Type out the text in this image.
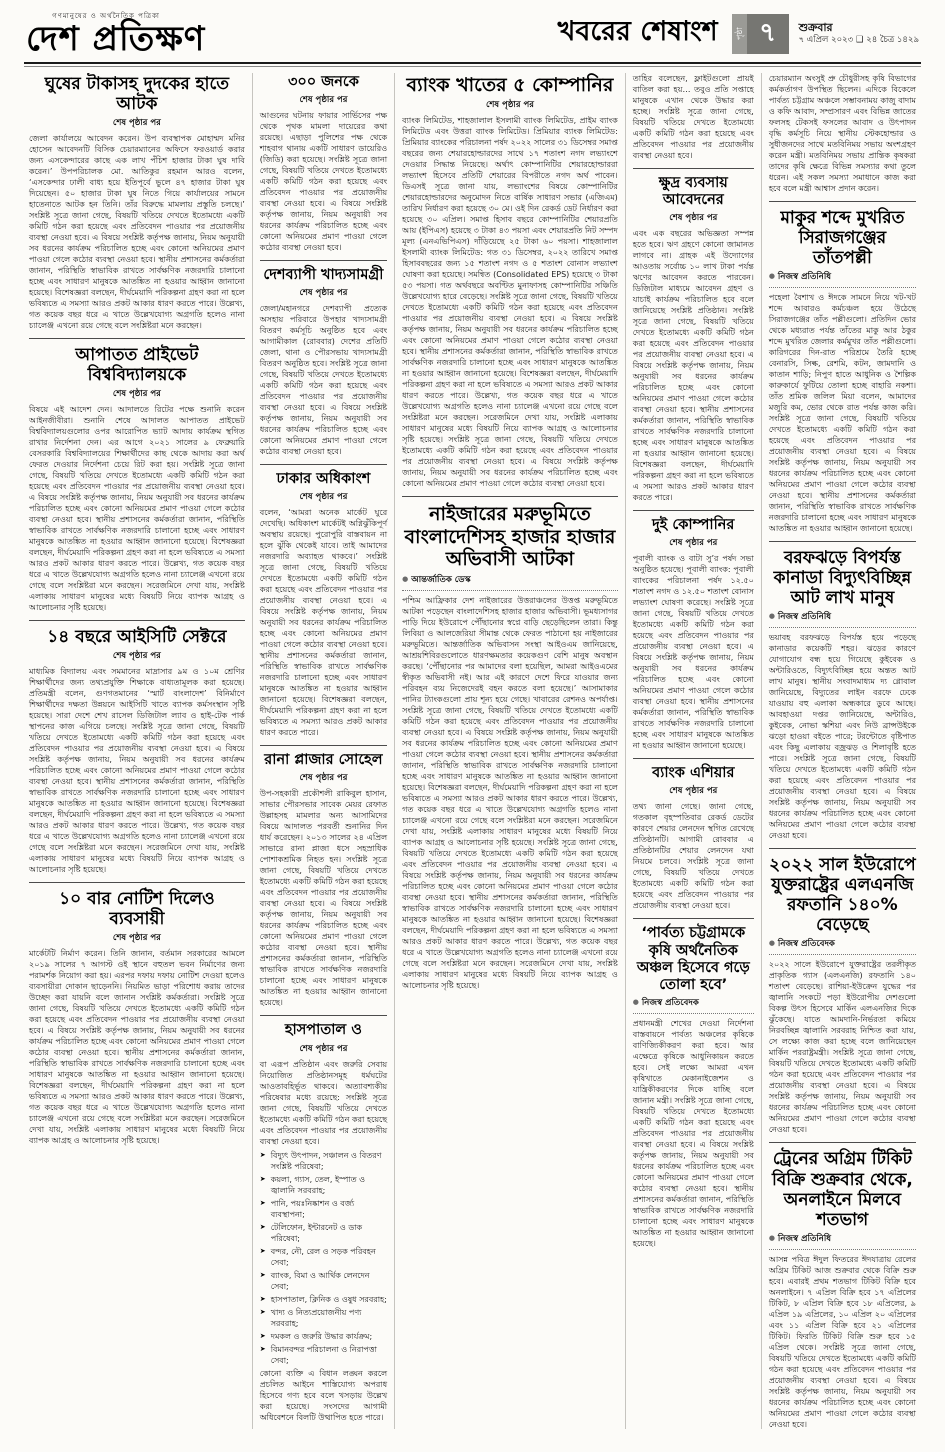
গণমানুষের ও অর্থনৈতিক পত্রিকা
দেশ প্রতিক্ষণ	খবরের শেষাংশ	পৃষ্ঠা ৭	শুক্রবার
৭ এপ্রিল ২০২৩ ❑ ২৪ চৈত্র ১৪২৯
ঘুষের টাকাসহ দুদকের হাতে আটক
শেষ পৃষ্ঠার পর

জেলা কার্যালয়ে আবেদন করেন। উপ ব্যবস্থাপক মোহাম্মদ মনির হোসেন আবেদনটি বিসিক চেয়ারম্যানের অফিসে ফরওয়ার্ড করার জন্য এসকেন্দারের কাছে এক লাখ পঁচিশ হাজার টাকা ঘুষ দাবি করেন।’ উপপরিচালক মো. আতিকুর রহমান আরও বলেন, ‘এসকেন্দার ঢালী বাধ্য হয়ে ইতিপূর্বে ভুলে ৪৭ হাজার টাকা ঘুষ দিয়েছেন। ৫০ হাজার টাকা ঘুষ নিতে গিয়ে কার্যালয়ের সামনে হাতেনাতে আটক হন তিনি। তাঁর বিরুদ্ধে মামলায় প্রস্তুতি চলছে।’ সংশ্লিষ্ট সূত্রে জানা গেছে, বিষয়টি খতিয়ে দেখতে ইতোমধ্যে একটি কমিটি গঠন করা হয়েছে এবং প্রতিবেদন পাওয়ার পর প্রয়োজনীয় ব্যবস্থা নেওয়া হবে। এ বিষয়ে সংশ্লিষ্ট কর্তৃপক্ষ জানায়, নিয়ম অনুযায়ী সব ধরনের কার্যক্রম পরিচালিত হচ্ছে এবং কোনো অনিয়মের প্রমাণ পাওয়া গেলে কঠোর ব্যবস্থা নেওয়া হবে। স্থানীয় প্রশাসনের কর্মকর্তারা জানান, পরিস্থিতি স্বাভাবিক রাখতে সার্বক্ষণিক নজরদারি চালানো হচ্ছে এবং সাধারণ মানুষকে আতঙ্কিত না হওয়ার আহ্বান জানানো হয়েছে। বিশেষজ্ঞরা বলছেন, দীর্ঘমেয়াদি পরিকল্পনা গ্রহণ করা না হলে ভবিষ্যতে এ সমস্যা আরও প্রকট আকার ধারণ করতে পারে। উল্লেখ্য, গত কয়েক বছর ধরে এ খাতে উল্লেখযোগ্য অগ্রগতি হলেও নানা চ্যালেঞ্জ এখনো রয়ে গেছে বলে সংশ্লিষ্টরা মনে করছেন।

আপাতত প্রাইভেট বিশ্ববিদ্যালয়কে
শেষ পৃষ্ঠার পর

বিষয়ে এই আদেশ দেন। আদালতে রিটের পক্ষে শুনানি করেন আইনজীবীরা। শুনানি শেষে আদালত আপাতত প্রাইভেট বিশ্ববিদ্যালয়গুলোর ওপর আরোপিত ভ্যাট আদায় কার্যক্রম স্থগিত রাখার নির্দেশনা দেন। এর আগে ২০২১ সালের ৯ ফেব্রুয়ারি বেসরকারি বিশ্ববিদ্যালয়ের শিক্ষার্থীদের কাছ থেকে আদায় করা অর্থ ফেরত দেওয়ার নির্দেশনা চেয়ে রিট করা হয়। সংশ্লিষ্ট সূত্রে জানা গেছে, বিষয়টি খতিয়ে দেখতে ইতোমধ্যে একটি কমিটি গঠন করা হয়েছে এবং প্রতিবেদন পাওয়ার পর প্রয়োজনীয় ব্যবস্থা নেওয়া হবে। এ বিষয়ে সংশ্লিষ্ট কর্তৃপক্ষ জানায়, নিয়ম অনুযায়ী সব ধরনের কার্যক্রম পরিচালিত হচ্ছে এবং কোনো অনিয়মের প্রমাণ পাওয়া গেলে কঠোর ব্যবস্থা নেওয়া হবে। স্থানীয় প্রশাসনের কর্মকর্তারা জানান, পরিস্থিতি স্বাভাবিক রাখতে সার্বক্ষণিক নজরদারি চালানো হচ্ছে এবং সাধারণ মানুষকে আতঙ্কিত না হওয়ার আহ্বান জানানো হয়েছে। বিশেষজ্ঞরা বলছেন, দীর্ঘমেয়াদি পরিকল্পনা গ্রহণ করা না হলে ভবিষ্যতে এ সমস্যা আরও প্রকট আকার ধারণ করতে পারে। উল্লেখ্য, গত কয়েক বছর ধরে এ খাতে উল্লেখযোগ্য অগ্রগতি হলেও নানা চ্যালেঞ্জ এখনো রয়ে গেছে বলে সংশ্লিষ্টরা মনে করছেন। সরেজমিনে দেখা যায়, সংশ্লিষ্ট এলাকায় সাধারণ মানুষের মধ্যে বিষয়টি নিয়ে ব্যাপক আগ্রহ ও আলোচনার সৃষ্টি হয়েছে।

১৪ বছরে আইসিটি সেক্টরে
শেষ পৃষ্ঠার পর

মাধ্যমিক বিদ্যালয় এবং সমমানের মাদ্রাসার ৯ম ও ১০ম শ্রেণির শিক্ষার্থীদের জন্য তথ্যপ্রযুক্তি শিক্ষাকে বাধ্যতামূলক করা হয়েছে। প্রতিমন্ত্রী বলেন, গুণগতমানের ‘স্মার্ট বাংলাদেশ’ বিনির্মাণে শিক্ষার্থীদের দক্ষতা উন্নয়নে আইসিটি খাতে ব্যাপক কর্মসংস্থান সৃষ্টি হয়েছে। সারা দেশে শেখ রাসেল ডিজিটাল ল্যাব ও হাই-টেক পার্ক স্থাপনের কাজ এগিয়ে চলছে। সংশ্লিষ্ট সূত্রে জানা গেছে, বিষয়টি খতিয়ে দেখতে ইতোমধ্যে একটি কমিটি গঠন করা হয়েছে এবং প্রতিবেদন পাওয়ার পর প্রয়োজনীয় ব্যবস্থা নেওয়া হবে। এ বিষয়ে সংশ্লিষ্ট কর্তৃপক্ষ জানায়, নিয়ম অনুযায়ী সব ধরনের কার্যক্রম পরিচালিত হচ্ছে এবং কোনো অনিয়মের প্রমাণ পাওয়া গেলে কঠোর ব্যবস্থা নেওয়া হবে। স্থানীয় প্রশাসনের কর্মকর্তারা জানান, পরিস্থিতি স্বাভাবিক রাখতে সার্বক্ষণিক নজরদারি চালানো হচ্ছে এবং সাধারণ মানুষকে আতঙ্কিত না হওয়ার আহ্বান জানানো হয়েছে। বিশেষজ্ঞরা বলছেন, দীর্ঘমেয়াদি পরিকল্পনা গ্রহণ করা না হলে ভবিষ্যতে এ সমস্যা আরও প্রকট আকার ধারণ করতে পারে। উল্লেখ্য, গত কয়েক বছর ধরে এ খাতে উল্লেখযোগ্য অগ্রগতি হলেও নানা চ্যালেঞ্জ এখনো রয়ে গেছে বলে সংশ্লিষ্টরা মনে করছেন। সরেজমিনে দেখা যায়, সংশ্লিষ্ট এলাকায় সাধারণ মানুষের মধ্যে বিষয়টি নিয়ে ব্যাপক আগ্রহ ও আলোচনার সৃষ্টি হয়েছে।

১০ বার নোটিশ দিলেও ব্যবসায়ী
শেষ পৃষ্ঠার পর

মার্কেটটি নির্মাণ করেন। তিনি জানান, বর্তমান সরকারের আমলে ২০১৯ সালের ৭ আগস্ট ওই স্থানে বহুতল ভবন নির্মাণের জন্য পরামর্শক নিয়োগ করা হয়। এরপর দফায় দফায় নোটিশ দেওয়া হলেও ব্যবসায়ীরা দোকান ছাড়েননি। নিয়মিত ভাড়া পরিশোধ করায় তাদের উচ্ছেদ করা যায়নি বলে জানান সংশ্লিষ্ট কর্মকর্তারা। সংশ্লিষ্ট সূত্রে জানা গেছে, বিষয়টি খতিয়ে দেখতে ইতোমধ্যে একটি কমিটি গঠন করা হয়েছে এবং প্রতিবেদন পাওয়ার পর প্রয়োজনীয় ব্যবস্থা নেওয়া হবে। এ বিষয়ে সংশ্লিষ্ট কর্তৃপক্ষ জানায়, নিয়ম অনুযায়ী সব ধরনের কার্যক্রম পরিচালিত হচ্ছে এবং কোনো অনিয়মের প্রমাণ পাওয়া গেলে কঠোর ব্যবস্থা নেওয়া হবে। স্থানীয় প্রশাসনের কর্মকর্তারা জানান, পরিস্থিতি স্বাভাবিক রাখতে সার্বক্ষণিক নজরদারি চালানো হচ্ছে এবং সাধারণ মানুষকে আতঙ্কিত না হওয়ার আহ্বান জানানো হয়েছে। বিশেষজ্ঞরা বলছেন, দীর্ঘমেয়াদি পরিকল্পনা গ্রহণ করা না হলে ভবিষ্যতে এ সমস্যা আরও প্রকট আকার ধারণ করতে পারে। উল্লেখ্য, গত কয়েক বছর ধরে এ খাতে উল্লেখযোগ্য অগ্রগতি হলেও নানা চ্যালেঞ্জ এখনো রয়ে গেছে বলে সংশ্লিষ্টরা মনে করছেন। সরেজমিনে দেখা যায়, সংশ্লিষ্ট এলাকায় সাধারণ মানুষের মধ্যে বিষয়টি নিয়ে ব্যাপক আগ্রহ ও আলোচনার সৃষ্টি হয়েছে।

৩০০ জনকে
শেষ পৃষ্ঠার পর

আগুনের ঘটনায় ফায়ার সার্ভিসের পক্ষ থেকে পৃথক মামলা দায়েরের কথা রয়েছে। এছাড়া পুলিশের পক্ষ থেকে শাহবাগ থানায় একটি সাধারণ ডায়েরিও (জিডি) করা হয়েছে। সংশ্লিষ্ট সূত্রে জানা গেছে, বিষয়টি খতিয়ে দেখতে ইতোমধ্যে একটি কমিটি গঠন করা হয়েছে এবং প্রতিবেদন পাওয়ার পর প্রয়োজনীয় ব্যবস্থা নেওয়া হবে। এ বিষয়ে সংশ্লিষ্ট কর্তৃপক্ষ জানায়, নিয়ম অনুযায়ী সব ধরনের কার্যক্রম পরিচালিত হচ্ছে এবং কোনো অনিয়মের প্রমাণ পাওয়া গেলে কঠোর ব্যবস্থা নেওয়া হবে।

দেশব্যাপী খাদ্যসামগ্রী
শেষ পৃষ্ঠার পর

জেলা/মহানগরে দেশব্যাপী প্রত্যেক অসহায় পরিবারে উপহার খাদ্যসামগ্রী বিতরণ কর্মসূচি অনুষ্ঠিত হবে এবং আগামীকাল (রোববার) দেশের প্রতিটি জেলা, থানা ও পৌরসভায় খাদ্যসামগ্রী বিতরণ অনুষ্ঠিত হবে। সংশ্লিষ্ট সূত্রে জানা গেছে, বিষয়টি খতিয়ে দেখতে ইতোমধ্যে একটি কমিটি গঠন করা হয়েছে এবং প্রতিবেদন পাওয়ার পর প্রয়োজনীয় ব্যবস্থা নেওয়া হবে। এ বিষয়ে সংশ্লিষ্ট কর্তৃপক্ষ জানায়, নিয়ম অনুযায়ী সব ধরনের কার্যক্রম পরিচালিত হচ্ছে এবং কোনো অনিয়মের প্রমাণ পাওয়া গেলে কঠোর ব্যবস্থা নেওয়া হবে।

ঢাকার অধিকাংশ
শেষ পৃষ্ঠার পর

বলেন, ‘আমরা অনেক মার্কেট ঘুরে দেখেছি। অধিকাংশ মার্কেটই অগ্নিঝুঁকিপূর্ণ অবস্থায় রয়েছে। পুরোপুরি বাস্তবায়ন না হলে ঝুঁকি থেকেই যাবে। তাই আমাদের নজরদারি অব্যাহত থাকবে।’ সংশ্লিষ্ট সূত্রে জানা গেছে, বিষয়টি খতিয়ে দেখতে ইতোমধ্যে একটি কমিটি গঠন করা হয়েছে এবং প্রতিবেদন পাওয়ার পর প্রয়োজনীয় ব্যবস্থা নেওয়া হবে। এ বিষয়ে সংশ্লিষ্ট কর্তৃপক্ষ জানায়, নিয়ম অনুযায়ী সব ধরনের কার্যক্রম পরিচালিত হচ্ছে এবং কোনো অনিয়মের প্রমাণ পাওয়া গেলে কঠোর ব্যবস্থা নেওয়া হবে। স্থানীয় প্রশাসনের কর্মকর্তারা জানান, পরিস্থিতি স্বাভাবিক রাখতে সার্বক্ষণিক নজরদারি চালানো হচ্ছে এবং সাধারণ মানুষকে আতঙ্কিত না হওয়ার আহ্বান জানানো হয়েছে। বিশেষজ্ঞরা বলছেন, দীর্ঘমেয়াদি পরিকল্পনা গ্রহণ করা না হলে ভবিষ্যতে এ সমস্যা আরও প্রকট আকার ধারণ করতে পারে।

রানা প্লাজার সোহেল
শেষ পৃষ্ঠার পর

উপ-সহকারী প্রকৌশলী রাকিবুল হাসান, সাভার পৌরসভার সাবেক মেয়র রেফাত উল্লাহসহ মামলার অন্য আসামিদের বিষয়ে আদালত পরবর্তী শুনানির দিন ধার্য করেছেন। ২০১৩ সালের ২৪ এপ্রিল সাভারে রানা প্লাজা ধসে সহস্রাধিক পোশাকশ্রমিক নিহত হন। সংশ্লিষ্ট সূত্রে জানা গেছে, বিষয়টি খতিয়ে দেখতে ইতোমধ্যে একটি কমিটি গঠন করা হয়েছে এবং প্রতিবেদন পাওয়ার পর প্রয়োজনীয় ব্যবস্থা নেওয়া হবে। এ বিষয়ে সংশ্লিষ্ট কর্তৃপক্ষ জানায়, নিয়ম অনুযায়ী সব ধরনের কার্যক্রম পরিচালিত হচ্ছে এবং কোনো অনিয়মের প্রমাণ পাওয়া গেলে কঠোর ব্যবস্থা নেওয়া হবে। স্থানীয় প্রশাসনের কর্মকর্তারা জানান, পরিস্থিতি স্বাভাবিক রাখতে সার্বক্ষণিক নজরদারি চালানো হচ্ছে এবং সাধারণ মানুষকে আতঙ্কিত না হওয়ার আহ্বান জানানো হয়েছে।

হাসপাতাল ও
শেষ পৃষ্ঠার পর

বা এরূপ প্রতিষ্ঠান এবং জরুরি সেবায় নিয়োজিত প্রতিষ্ঠানসমূহ ধর্মঘটের আওতাবহির্ভূত থাকবে। অত্যাবশ্যকীয় পরিষেবার মধ্যে রয়েছে: সংশ্লিষ্ট সূত্রে জানা গেছে, বিষয়টি খতিয়ে দেখতে ইতোমধ্যে একটি কমিটি গঠন করা হয়েছে এবং প্রতিবেদন পাওয়ার পর প্রয়োজনীয় ব্যবস্থা নেওয়া হবে।

➤ বিদ্যুৎ উৎপাদন, সঞ্চালন ও বিতরণ সংশ্লিষ্ট পরিষেবা;
➤ কয়লা, গ্যাস, তেল, ইস্পাত ও জ্বালানি সরবরাহ;
➤ পানি, পয়ঃনিষ্কাশন ও বর্জ্য ব্যবস্থাপনা;
➤ টেলিফোন, ইন্টারনেট ও ডাক পরিষেবা;
➤ বন্দর, নৌ, রেল ও সড়ক পরিবহন সেবা;
➤ ব্যাংক, বিমা ও আর্থিক লেনদেন সেবা;
➤ হাসপাতাল, ক্লিনিক ও ওষুধ সরবরাহ;
➤ খাদ্য ও নিত্যপ্রয়োজনীয় পণ্য সরবরাহ;
➤ দমকল ও জরুরি উদ্ধার কার্যক্রম;
➤ বিমানবন্দর পরিচালনা ও নিরাপত্তা সেবা;

কোনো ব্যক্তি এ বিধান লঙ্ঘন করলে প্রচলিত আইনে শাস্তিযোগ্য অপরাধ হিসেবে গণ্য হবে বলে খসড়ায় উল্লেখ করা হয়েছে। সংসদের আগামী অধিবেশনে বিলটি উত্থাপিত হতে পারে।

ব্যাংক খাতের ৫ কোম্পানির
শেষ পৃষ্ঠার পর

ব্যাংক লিমিটেড, শাহজালাল ইসলামী ব্যাংক লিমিটেড, প্রাইম ব্যাংক লিমিটেড এবং উত্তরা ব্যাংক লিমিটেড। প্রিমিয়ার ব্যাংক লিমিটেড: প্রিমিয়ার ব্যাংকের পরিচালনা পর্ষদ ২০২২ সালের ৩১ ডিসেম্বর সমাপ্ত বছরের জন্য শেয়ারহোল্ডারদের সাথে ১৭ শতাংশ নগদ লভ্যাংশে দেওয়ার সিদ্ধান্ত নিয়েছে। অর্থাৎ কোম্পানিটির শেয়ারহোল্ডাররা লভ্যাংশ হিসেবে প্রতিটি শেয়ারের বিপরীতে নগদ অর্থ পাবেন। ডিএসই সূত্রে জানা যায়, লভ্যাংশের বিষয়ে কোম্পানিটির শেয়ারহোল্ডারদের অনুমোদন নিতে বার্ষিক সাধারণ সভার (এজিএম) তারিখ নির্ধারণ করা হয়েছে ৩০ মে। ওই দিন রেকর্ড ডেট নির্ধারণ করা হয়েছে ৩০ এপ্রিল। সমাপ্ত হিসাব বছরে কোম্পানিটির শেয়ারপ্রতি আয় (ইপিএস) হয়েছে ৩ টাকা ৪৩ পয়সা এবং শেয়ারপ্রতি নিট সম্পদ মূল্য (এনএভিপিএস) দাঁড়িয়েছে ২৫ টাকা ৬০ পয়সা। শাহজালাল ইসলামী ব্যাংক লিমিটেড: গত ৩১ ডিসেম্বর, ২০২২ তারিখে সমাপ্ত হিসাববছরের জন্য ১৫ শতাংশ নগদ ও ৫ শতাংশ বোনাস লভ্যাংশ ঘোষণা করা হয়েছে। সমন্বিত (Consolidated EPS) হয়েছে ৩ টাকা ৫৩ পয়সা। গত অর্থবছরে অবণ্টিত মুনাফাসহ কোম্পানিটির সঞ্চিতি উল্লেখযোগ্য হারে বেড়েছে। সংশ্লিষ্ট সূত্রে জানা গেছে, বিষয়টি খতিয়ে দেখতে ইতোমধ্যে একটি কমিটি গঠন করা হয়েছে এবং প্রতিবেদন পাওয়ার পর প্রয়োজনীয় ব্যবস্থা নেওয়া হবে। এ বিষয়ে সংশ্লিষ্ট কর্তৃপক্ষ জানায়, নিয়ম অনুযায়ী সব ধরনের কার্যক্রম পরিচালিত হচ্ছে এবং কোনো অনিয়মের প্রমাণ পাওয়া গেলে কঠোর ব্যবস্থা নেওয়া হবে। স্থানীয় প্রশাসনের কর্মকর্তারা জানান, পরিস্থিতি স্বাভাবিক রাখতে সার্বক্ষণিক নজরদারি চালানো হচ্ছে এবং সাধারণ মানুষকে আতঙ্কিত না হওয়ার আহ্বান জানানো হয়েছে। বিশেষজ্ঞরা বলছেন, দীর্ঘমেয়াদি পরিকল্পনা গ্রহণ করা না হলে ভবিষ্যতে এ সমস্যা আরও প্রকট আকার ধারণ করতে পারে। উল্লেখ্য, গত কয়েক বছর ধরে এ খাতে উল্লেখযোগ্য অগ্রগতি হলেও নানা চ্যালেঞ্জ এখনো রয়ে গেছে বলে সংশ্লিষ্টরা মনে করছেন। সরেজমিনে দেখা যায়, সংশ্লিষ্ট এলাকায় সাধারণ মানুষের মধ্যে বিষয়টি নিয়ে ব্যাপক আগ্রহ ও আলোচনার সৃষ্টি হয়েছে। সংশ্লিষ্ট সূত্রে জানা গেছে, বিষয়টি খতিয়ে দেখতে ইতোমধ্যে একটি কমিটি গঠন করা হয়েছে এবং প্রতিবেদন পাওয়ার পর প্রয়োজনীয় ব্যবস্থা নেওয়া হবে। এ বিষয়ে সংশ্লিষ্ট কর্তৃপক্ষ জানায়, নিয়ম অনুযায়ী সব ধরনের কার্যক্রম পরিচালিত হচ্ছে এবং কোনো অনিয়মের প্রমাণ পাওয়া গেলে কঠোর ব্যবস্থা নেওয়া হবে।

নাইজারের মরুভূমিতে বাংলাদেশিসহ হাজার হাজার অভিবাসী আটকা
● আন্তর্জাতিক ডেস্ক

পশ্চিম আফ্রিকার দেশ নাইজারের উত্তরাঞ্চলের উত্তপ্ত মরুভূমিতে আটকা পড়েছেন বাংলাদেশিসহ হাজার হাজার অভিবাসী। ভূমধ্যসাগর পাড়ি দিয়ে ইউরোপে পৌঁছানোর স্বপ্নে বাড়ি ছেড়েছিলেন তারা। কিন্তু লিবিয়া ও আলজেরিয়া সীমান্ত থেকে ফেরত পাঠানো হয় নাইজারের মরুভূমিতে। আন্তর্জাতিক অভিবাসন সংস্থা আইওএম জানিয়েছে, আশ্রয়শিবিরগুলোতে ধারণক্ষমতার কয়েকগুণ বেশি মানুষ অবস্থান করছে। ‘পৌঁছানোর পর আমাদের বলা হয়েছিল, আমরা আইওএমের স্বীকৃত অভিবাসী নই। আর এই কারণে দেশে ফিরে যাওয়ার জন্য পরিবহন ব্যয় নিজেদেরই বহন করতে বলা হয়েছে।’ আসামাকার পানির ট্যাংকগুলো প্রায় শূন্য হয়ে গেছে। খাবারের রেশনও অপর্যাপ্ত। সংশ্লিষ্ট সূত্রে জানা গেছে, বিষয়টি খতিয়ে দেখতে ইতোমধ্যে একটি কমিটি গঠন করা হয়েছে এবং প্রতিবেদন পাওয়ার পর প্রয়োজনীয় ব্যবস্থা নেওয়া হবে। এ বিষয়ে সংশ্লিষ্ট কর্তৃপক্ষ জানায়, নিয়ম অনুযায়ী সব ধরনের কার্যক্রম পরিচালিত হচ্ছে এবং কোনো অনিয়মের প্রমাণ পাওয়া গেলে কঠোর ব্যবস্থা নেওয়া হবে। স্থানীয় প্রশাসনের কর্মকর্তারা জানান, পরিস্থিতি স্বাভাবিক রাখতে সার্বক্ষণিক নজরদারি চালানো হচ্ছে এবং সাধারণ মানুষকে আতঙ্কিত না হওয়ার আহ্বান জানানো হয়েছে। বিশেষজ্ঞরা বলছেন, দীর্ঘমেয়াদি পরিকল্পনা গ্রহণ করা না হলে ভবিষ্যতে এ সমস্যা আরও প্রকট আকার ধারণ করতে পারে। উল্লেখ্য, গত কয়েক বছর ধরে এ খাতে উল্লেখযোগ্য অগ্রগতি হলেও নানা চ্যালেঞ্জ এখনো রয়ে গেছে বলে সংশ্লিষ্টরা মনে করছেন। সরেজমিনে দেখা যায়, সংশ্লিষ্ট এলাকায় সাধারণ মানুষের মধ্যে বিষয়টি নিয়ে ব্যাপক আগ্রহ ও আলোচনার সৃষ্টি হয়েছে। সংশ্লিষ্ট সূত্রে জানা গেছে, বিষয়টি খতিয়ে দেখতে ইতোমধ্যে একটি কমিটি গঠন করা হয়েছে এবং প্রতিবেদন পাওয়ার পর প্রয়োজনীয় ব্যবস্থা নেওয়া হবে। এ বিষয়ে সংশ্লিষ্ট কর্তৃপক্ষ জানায়, নিয়ম অনুযায়ী সব ধরনের কার্যক্রম পরিচালিত হচ্ছে এবং কোনো অনিয়মের প্রমাণ পাওয়া গেলে কঠোর ব্যবস্থা নেওয়া হবে। স্থানীয় প্রশাসনের কর্মকর্তারা জানান, পরিস্থিতি স্বাভাবিক রাখতে সার্বক্ষণিক নজরদারি চালানো হচ্ছে এবং সাধারণ মানুষকে আতঙ্কিত না হওয়ার আহ্বান জানানো হয়েছে। বিশেষজ্ঞরা বলছেন, দীর্ঘমেয়াদি পরিকল্পনা গ্রহণ করা না হলে ভবিষ্যতে এ সমস্যা আরও প্রকট আকার ধারণ করতে পারে। উল্লেখ্য, গত কয়েক বছর ধরে এ খাতে উল্লেখযোগ্য অগ্রগতি হলেও নানা চ্যালেঞ্জ এখনো রয়ে গেছে বলে সংশ্লিষ্টরা মনে করছেন। সরেজমিনে দেখা যায়, সংশ্লিষ্ট এলাকায় সাধারণ মানুষের মধ্যে বিষয়টি নিয়ে ব্যাপক আগ্রহ ও আলোচনার সৃষ্টি হয়েছে।

তাহির বলেছেন, ফ্লাইটগুলো প্রায়ই বাতিল করা হয়… তবুও প্রতি সপ্তাহে মানুষকে এখান থেকে উদ্ধার করা হচ্ছে। সংশ্লিষ্ট সূত্রে জানা গেছে, বিষয়টি খতিয়ে দেখতে ইতোমধ্যে একটি কমিটি গঠন করা হয়েছে এবং প্রতিবেদন পাওয়ার পর প্রয়োজনীয় ব্যবস্থা নেওয়া হবে।

ক্ষুদ্র ব্যবসায় আবেদনের
শেষ পৃষ্ঠার পর

এবং এক বছরের অভিজ্ঞতা সম্পন্ন হতে হবে। ঋণ গ্রহণে কোনো জামানত লাগবে না। গ্রাহক এই উদ্যোগের আওতায় সর্বোচ্চ ১০ লাখ টাকা পর্যন্ত ঋণের আবেদন করতে পারবেন। ডিজিটাল মাধ্যমে আবেদন গ্রহণ ও যাচাই কার্যক্রম পরিচালিত হবে বলে জানিয়েছে সংশ্লিষ্ট প্রতিষ্ঠান। সংশ্লিষ্ট সূত্রে জানা গেছে, বিষয়টি খতিয়ে দেখতে ইতোমধ্যে একটি কমিটি গঠন করা হয়েছে এবং প্রতিবেদন পাওয়ার পর প্রয়োজনীয় ব্যবস্থা নেওয়া হবে। এ বিষয়ে সংশ্লিষ্ট কর্তৃপক্ষ জানায়, নিয়ম অনুযায়ী সব ধরনের কার্যক্রম পরিচালিত হচ্ছে এবং কোনো অনিয়মের প্রমাণ পাওয়া গেলে কঠোর ব্যবস্থা নেওয়া হবে। স্থানীয় প্রশাসনের কর্মকর্তারা জানান, পরিস্থিতি স্বাভাবিক রাখতে সার্বক্ষণিক নজরদারি চালানো হচ্ছে এবং সাধারণ মানুষকে আতঙ্কিত না হওয়ার আহ্বান জানানো হয়েছে। বিশেষজ্ঞরা বলছেন, দীর্ঘমেয়াদি পরিকল্পনা গ্রহণ করা না হলে ভবিষ্যতে এ সমস্যা আরও প্রকট আকার ধারণ করতে পারে।

দুই কোম্পানির
শেষ পৃষ্ঠার পর

পূবালী ব্যাংক ও বাটা সু’র পর্ষদ সভা অনুষ্ঠিত হয়েছে। পূবালী ব্যাংক: পূবালী ব্যাংকের পরিচালনা পর্ষদ ১২.৫০ শতাংশ নগদ ও ১২.৫০ শতাংশ বোনাস লভ্যাংশ ঘোষণা করেছে। সংশ্লিষ্ট সূত্রে জানা গেছে, বিষয়টি খতিয়ে দেখতে ইতোমধ্যে একটি কমিটি গঠন করা হয়েছে এবং প্রতিবেদন পাওয়ার পর প্রয়োজনীয় ব্যবস্থা নেওয়া হবে। এ বিষয়ে সংশ্লিষ্ট কর্তৃপক্ষ জানায়, নিয়ম অনুযায়ী সব ধরনের কার্যক্রম পরিচালিত হচ্ছে এবং কোনো অনিয়মের প্রমাণ পাওয়া গেলে কঠোর ব্যবস্থা নেওয়া হবে। স্থানীয় প্রশাসনের কর্মকর্তারা জানান, পরিস্থিতি স্বাভাবিক রাখতে সার্বক্ষণিক নজরদারি চালানো হচ্ছে এবং সাধারণ মানুষকে আতঙ্কিত না হওয়ার আহ্বান জানানো হয়েছে।

ব্যাংক এশিয়ার
শেষ পৃষ্ঠার পর

তথ্য জানা গেছে। জানা গেছে, গতকাল বৃহস্পতিবার রেকর্ড ডেটের কারণে শেয়ার লেনদেন স্থগিত রেখেছে প্রতিষ্ঠানটি। আগামী রোববার এ প্রতিষ্ঠানটির শেয়ার লেনদেন যথা নিয়মে চলবে। সংশ্লিষ্ট সূত্রে জানা গেছে, বিষয়টি খতিয়ে দেখতে ইতোমধ্যে একটি কমিটি গঠন করা হয়েছে এবং প্রতিবেদন পাওয়ার পর প্রয়োজনীয় ব্যবস্থা নেওয়া হবে।

‘পার্বত্য চট্টগ্রামকে কৃষি অর্থনৈতিক অঞ্চল হিসেবে গড়ে তোলা হবে’
● নিজস্ব প্রতিবেদক

প্রধানমন্ত্রী শেখের দেওয়া নির্দেশনা বাস্তবায়নে পার্বত্য অঞ্চলের কৃষিকে বাণিজ্যিকীকরণ করা হবে। আর এক্ষেত্রে কৃষিকে আধুনিকায়ন করতে হবে। সেই লক্ষ্যে আমরা এখন কৃষিখাতে মেকানাইজেশন ও যান্ত্রিকীকরণের দিকে যাচ্ছি বলে জানান মন্ত্রী। সংশ্লিষ্ট সূত্রে জানা গেছে, বিষয়টি খতিয়ে দেখতে ইতোমধ্যে একটি কমিটি গঠন করা হয়েছে এবং প্রতিবেদন পাওয়ার পর প্রয়োজনীয় ব্যবস্থা নেওয়া হবে। এ বিষয়ে সংশ্লিষ্ট কর্তৃপক্ষ জানায়, নিয়ম অনুযায়ী সব ধরনের কার্যক্রম পরিচালিত হচ্ছে এবং কোনো অনিয়মের প্রমাণ পাওয়া গেলে কঠোর ব্যবস্থা নেওয়া হবে। স্থানীয় প্রশাসনের কর্মকর্তারা জানান, পরিস্থিতি স্বাভাবিক রাখতে সার্বক্ষণিক নজরদারি চালানো হচ্ছে এবং সাধারণ মানুষকে আতঙ্কিত না হওয়ার আহ্বান জানানো হয়েছে।

চেয়ারম্যান অংসুই প্রু চৌধুরীসহ কৃষি বিভাগের কর্মকর্তাগণ উপস্থিত ছিলেন। এদিকে বিকেলে পার্বত্য চট্টগ্রাম অঞ্চলে সম্ভাবনাময় কাজু বাদাম ও কফি আবাদ, সম্প্রসারণ এবং বিভিন্ন জাতের ফলসহ টেকসই ফসলের আবাদ ও উৎপাদন বৃদ্ধি কর্মসূচি নিয়ে স্থানীয় স্টেকহোল্ডার ও সুধীজনদের সাথে মতবিনিময় সভায় অংশগ্রহণ করেন মন্ত্রী। মতবিনিময় সভায় প্রান্তিক কৃষকরা তাদের কৃষি ক্ষেত্রে বিভিন্ন সমস্যার কথা তুলে ধরেন। এই সকল সমস্যা সমাধানে কাজ করা হবে বলে মন্ত্রী আশ্বাস প্রদান করেন।

মাকুর শব্দে মুখরিত সিরাজগঞ্জের তাঁতপল্লী
● নিজস্ব প্রতিনিধি

পহেলা বৈশাখ ও ঈদকে সামনে নিয়ে খট-খট শব্দে আবারও কর্মচঞ্চল হয়ে উঠেছে সিরাজগঞ্জের তাঁত পল্লীগুলো। প্রতিদিন ভোর থেকে মধ্যরাত পর্যন্ত তাঁতের মাকু আর ঠকুর শব্দে মুখরিত জেলার কর্মমুখর তাঁত পল্লীগুলো। কারিগরের দিন-রাত পরিশ্রমে তৈরি হচ্ছে বেনারসি, সিল্ক, রেশমি, কটন, জামদানি ও কাতান শাড়ি; নিপুণ হাতে আধুনিক ও শৈল্পিক কারুকার্যে ফুটিয়ে তোলা হচ্ছে বাহারি নকশা। তাঁত শ্রমিক জলিল মিয়া বলেন, আমাদের মজুরি কম, ভোর থেকে রাত পর্যন্ত কাজ করি। সংশ্লিষ্ট সূত্রে জানা গেছে, বিষয়টি খতিয়ে দেখতে ইতোমধ্যে একটি কমিটি গঠন করা হয়েছে এবং প্রতিবেদন পাওয়ার পর প্রয়োজনীয় ব্যবস্থা নেওয়া হবে। এ বিষয়ে সংশ্লিষ্ট কর্তৃপক্ষ জানায়, নিয়ম অনুযায়ী সব ধরনের কার্যক্রম পরিচালিত হচ্ছে এবং কোনো অনিয়মের প্রমাণ পাওয়া গেলে কঠোর ব্যবস্থা নেওয়া হবে। স্থানীয় প্রশাসনের কর্মকর্তারা জানান, পরিস্থিতি স্বাভাবিক রাখতে সার্বক্ষণিক নজরদারি চালানো হচ্ছে এবং সাধারণ মানুষকে আতঙ্কিত না হওয়ার আহ্বান জানানো হয়েছে।

বরফঝড়ে বিপর্যস্ত কানাডা বিদ্যুৎবিচ্ছিন্ন আট লাখ মানুষ
● নিজস্ব প্রতিনিধি

ভয়াবহ বরফঝড়ে বিপর্যস্ত হয়ে পড়েছে কানাডার কয়েকটি শহর। ঝড়ের কারণে যোগাযোগ বন্ধ হয়ে গিয়েছে কুইবেক ও অন্টারিওতে, বিদ্যুৎবিচ্ছিন্ন হয়ে অন্তত আট লাখ মানুষ। স্থানীয় সংবাদমাধ্যম দ্য গ্লোবাল জানিয়েছে, বিদ্যুতের লাইন বরফে ঢেকে যাওয়ায় বহু এলাকা অন্ধকারে ডুবে আছে। আবহাওয়া দপ্তর জানিয়েছে, অন্টারিও, কুইবেক, নোভা স্কশিয়া এবং নিউ ব্রান্সউইকে ঝড়ো হাওয়া বইতে পারে; টরন্টোতে বৃষ্টিপাত এবং কিছু এলাকায় বজ্রঝড় ও শিলাবৃষ্টি হতে পারে। সংশ্লিষ্ট সূত্রে জানা গেছে, বিষয়টি খতিয়ে দেখতে ইতোমধ্যে একটি কমিটি গঠন করা হয়েছে এবং প্রতিবেদন পাওয়ার পর প্রয়োজনীয় ব্যবস্থা নেওয়া হবে। এ বিষয়ে সংশ্লিষ্ট কর্তৃপক্ষ জানায়, নিয়ম অনুযায়ী সব ধরনের কার্যক্রম পরিচালিত হচ্ছে এবং কোনো অনিয়মের প্রমাণ পাওয়া গেলে কঠোর ব্যবস্থা নেওয়া হবে।

২০২২ সাল ইউরোপে যুক্তরাষ্ট্রের এলএনজি রফতানি ১৪০% বেড়েছে
● নিজস্ব প্রতিবেদক

২০২২ সালে ইউরোপে যুক্তরাষ্ট্রের তরলীকৃত প্রাকৃতিক গ্যাস (এলএনজি) রফতানি ১৪০ শতাংশ বেড়েছে। রাশিয়া-ইউক্রেন যুদ্ধের পর জ্বালানি সংকটে পড়া ইউরোপীয় দেশগুলো বিকল্প উৎস হিসেবে মার্কিন এলএনজির দিকে ঝুঁকেছে। যাতে আমদানি-নির্ভরতা কমিয়ে নিরবচ্ছিন্ন জ্বালানি সরবরাহ নিশ্চিত করা যায়, সে লক্ষ্যে কাজ করা হচ্ছে বলে জানিয়েছেন মার্কিন পররাষ্ট্রমন্ত্রী। সংশ্লিষ্ট সূত্রে জানা গেছে, বিষয়টি খতিয়ে দেখতে ইতোমধ্যে একটি কমিটি গঠন করা হয়েছে এবং প্রতিবেদন পাওয়ার পর প্রয়োজনীয় ব্যবস্থা নেওয়া হবে। এ বিষয়ে সংশ্লিষ্ট কর্তৃপক্ষ জানায়, নিয়ম অনুযায়ী সব ধরনের কার্যক্রম পরিচালিত হচ্ছে এবং কোনো অনিয়মের প্রমাণ পাওয়া গেলে কঠোর ব্যবস্থা নেওয়া হবে।

ট্রেনের অগ্রিম টিকিট বিক্রি শুক্রবার থেকে, অনলাইনে মিলবে শতভাগ
● নিজস্ব প্রতিনিধি

আসন্ন পবিত্র ঈদুল ফিতরের ঈদযাত্রায় রেলের অগ্রিম টিকিট আজ শুক্রবার থেকে বিক্রি শুরু হবে। এবারই প্রথম শতভাগ টিকিট বিক্রি হবে অনলাইনে। ৭ এপ্রিল বিক্রি হবে ১৭ এপ্রিলের টিকিট, ৮ এপ্রিল বিক্রি হবে ১৮ এপ্রিলের, ৯ এপ্রিল ১৯ এপ্রিলের, ১০ এপ্রিল ২০ এপ্রিলের এবং ১১ এপ্রিল বিক্রি হবে ২১ এপ্রিলের টিকিট। ফিরতি টিকিট বিক্রি শুরু হবে ১৫ এপ্রিল থেকে। সংশ্লিষ্ট সূত্রে জানা গেছে, বিষয়টি খতিয়ে দেখতে ইতোমধ্যে একটি কমিটি গঠন করা হয়েছে এবং প্রতিবেদন পাওয়ার পর প্রয়োজনীয় ব্যবস্থা নেওয়া হবে। এ বিষয়ে সংশ্লিষ্ট কর্তৃপক্ষ জানায়, নিয়ম অনুযায়ী সব ধরনের কার্যক্রম পরিচালিত হচ্ছে এবং কোনো অনিয়মের প্রমাণ পাওয়া গেলে কঠোর ব্যবস্থা নেওয়া হবে।
